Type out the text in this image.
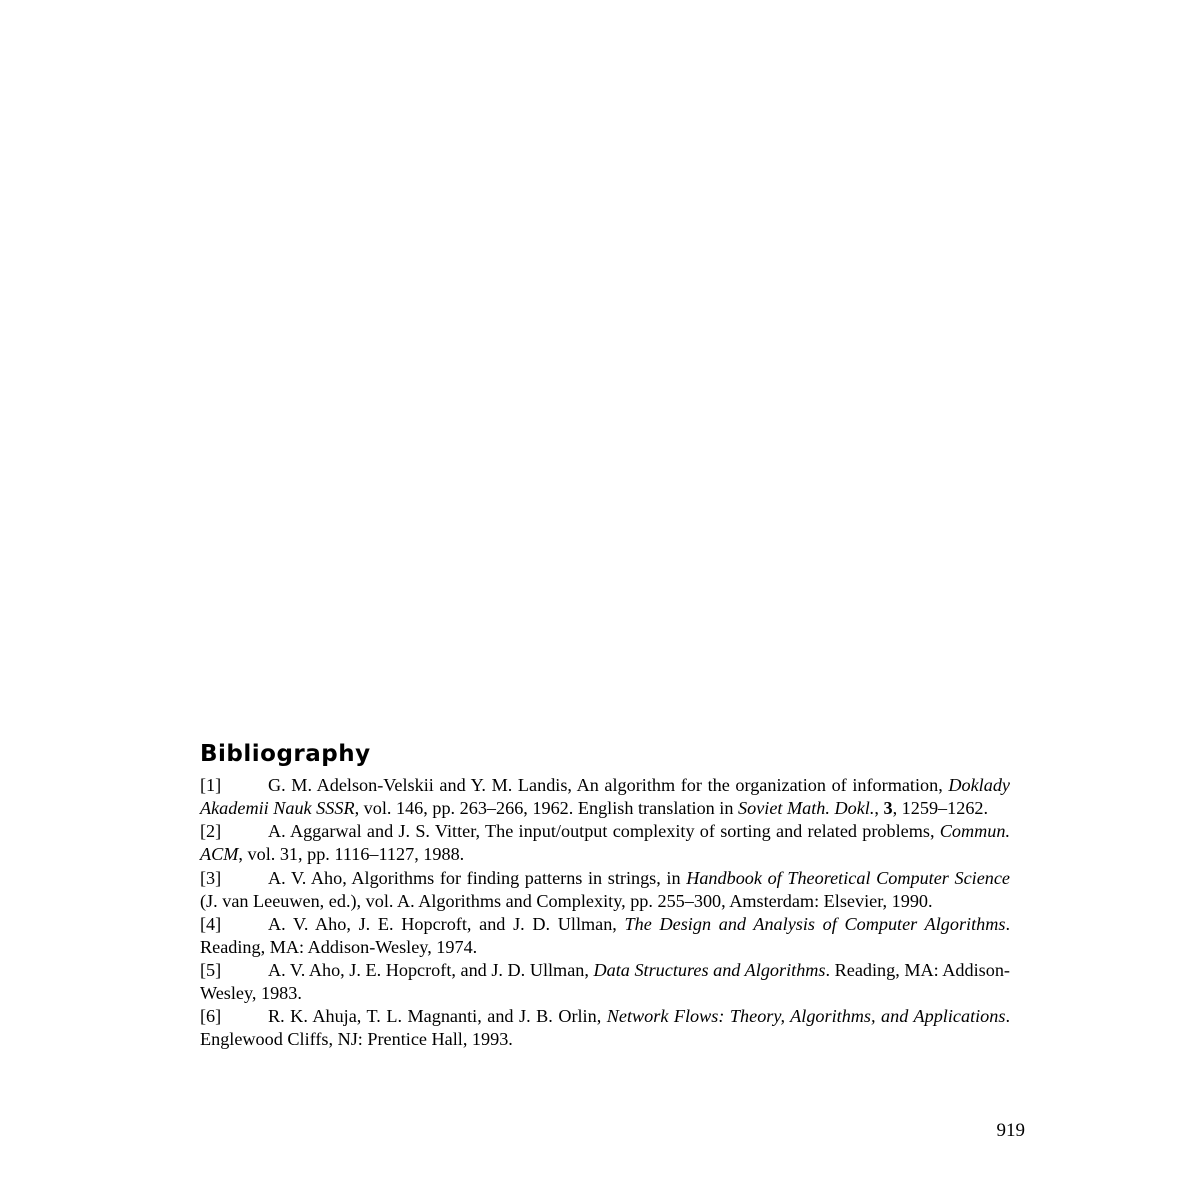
Bibliography

[1]	G. M. Adelson-Velskii and Y. M. Landis, An algorithm for the organization of information, Doklady Akademii Nauk SSSR, vol. 146, pp. 263–266, 1962. English translation in Soviet Math. Dokl., 3, 1259–1262.

[2]	A. Aggarwal and J. S. Vitter, The input/output complexity of sorting and related problems, Commun. ACM, vol. 31, pp. 1116–1127, 1988.

[3]	A. V. Aho, Algorithms for finding patterns in strings, in Handbook of Theoretical Computer Science (J. van Leeuwen, ed.), vol. A. Algorithms and Complexity, pp. 255–300, Amsterdam: Elsevier, 1990.

[4]	A. V. Aho, J. E. Hopcroft, and J. D. Ullman, The Design and Analysis of Computer Algorithms. Reading, MA: Addison-Wesley, 1974.

[5]	A. V. Aho, J. E. Hopcroft, and J. D. Ullman, Data Structures and Algorithms. Reading, MA: Addison-Wesley, 1983.

[6]	R. K. Ahuja, T. L. Magnanti, and J. B. Orlin, Network Flows: Theory, Algorithms, and Applications. Englewood Cliffs, NJ: Prentice Hall, 1993.

919
